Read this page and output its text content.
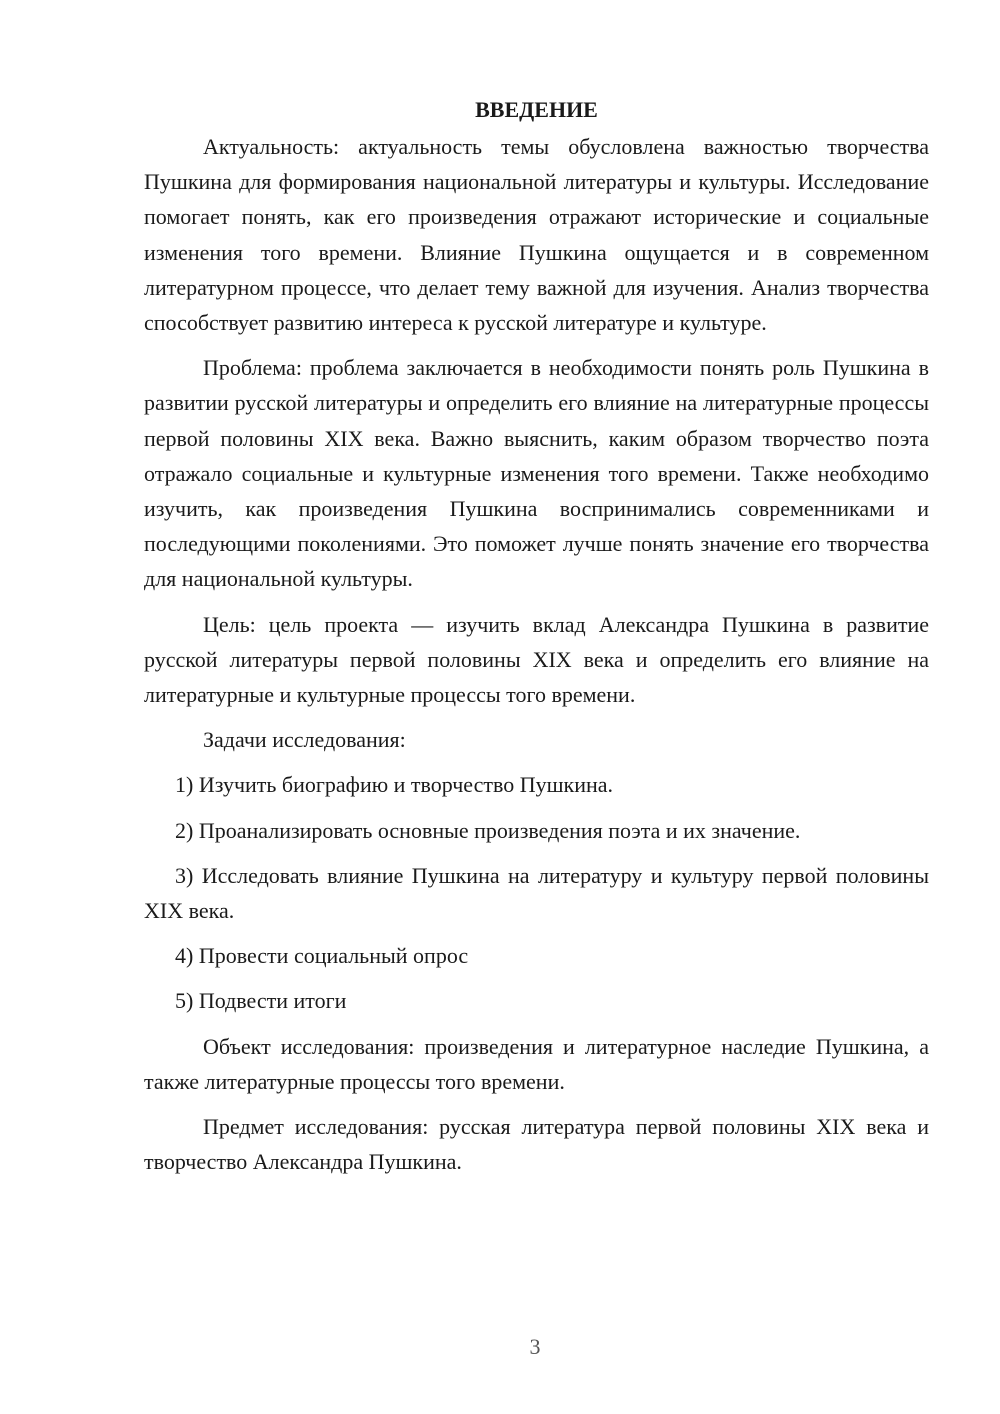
ВВЕДЕНИЕ

Актуальность: актуальность темы обусловлена важностью творчества Пушкина для формирования национальной литературы и культуры. Исследование помогает понять, как его произведения отражают исторические и социальные изменения того времени. Влияние Пушкина ощущается и в современном литературном процессе, что делает тему важной для изучения. Анализ творчества способствует развитию интереса к русской литературе и культуре.

Проблема: проблема заключается в необходимости понять роль Пушкина в развитии русской литературы и определить его влияние на литературные процессы первой половины XIX века. Важно выяснить, каким образом творчество поэта отражало социальные и культурные изменения того времени. Также необходимо изучить, как произведения Пушкина воспринимались современниками и последующими поколениями. Это поможет лучше понять значение его творчества для национальной культуры.

Цель: цель проекта — изучить вклад Александра Пушкина в развитие русской литературы первой половины XIX века и определить его влияние на литературные и культурные процессы того времени.

Задачи исследования:

1) Изучить биографию и творчество Пушкина.

2) Проанализировать основные произведения поэта и их значение.

3) Исследовать влияние Пушкина на литературу и культуру первой половины XIX века.

4) Провести социальный опрос

5) Подвести итоги

Объект исследования: произведения и литературное наследие Пушкина, а также литературные процессы того времени.

Предмет исследования: русская литература первой половины XIX века и творчество Александра Пушкина.

3
